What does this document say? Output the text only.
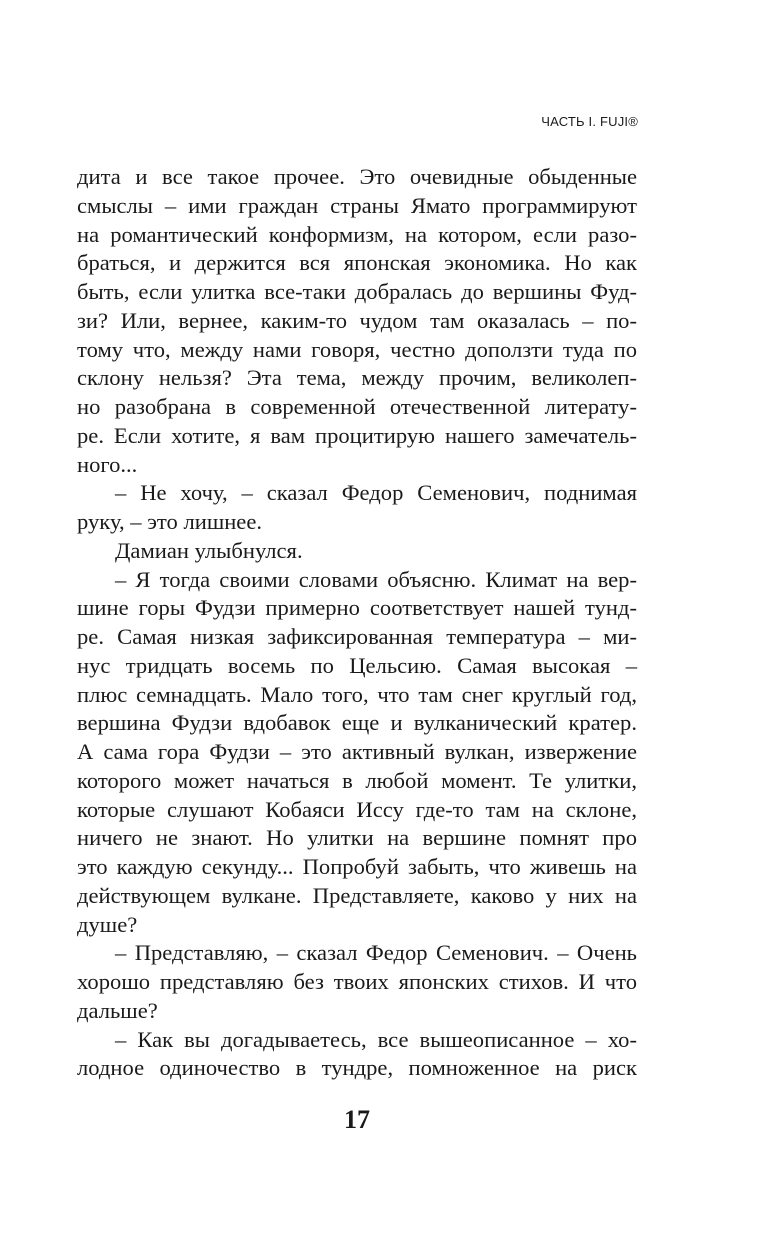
ЧАСТЬ I. FUJI®
дита и все такое прочее. Это очевидные обыденные
смыслы – ими граждан страны Ямато программируют
на романтический конформизм, на котором, если разо-
браться, и держится вся японская экономика. Но как
быть, если улитка все-таки добралась до вершины Фуд-
зи? Или, вернее, каким-то чудом там оказалась – по-
тому что, между нами говоря, честно доползти туда по
склону нельзя? Эта тема, между прочим, великолеп-
но разобрана в современной отечественной литерату-
ре. Если хотите, я вам процитирую нашего замечатель-
ного...
– Не хочу, – сказал Федор Семенович, поднимая
руку, – это лишнее.
Дамиан улыбнулся.
– Я тогда своими словами объясню. Климат на вер-
шине горы Фудзи примерно соответствует нашей тунд-
ре. Самая низкая зафиксированная температура – ми-
нус тридцать восемь по Цельсию. Самая высокая –
плюс семнадцать. Мало того, что там снег круглый год,
вершина Фудзи вдобавок еще и вулканический кратер.
А сама гора Фудзи – это активный вулкан, извержение
которого может начаться в любой момент. Те улитки,
которые слушают Кобаяси Иссу где-то там на склоне,
ничего не знают. Но улитки на вершине помнят про
это каждую секунду... Попробуй забыть, что живешь на
действующем вулкане. Представляете, каково у них на
душе?
– Представляю, – сказал Федор Семенович. – Очень
хорошо представляю без твоих японских стихов. И что
дальше?
– Как вы догадываетесь, все вышеописанное – хо-
лодное одиночество в тундре, помноженное на риск
17
